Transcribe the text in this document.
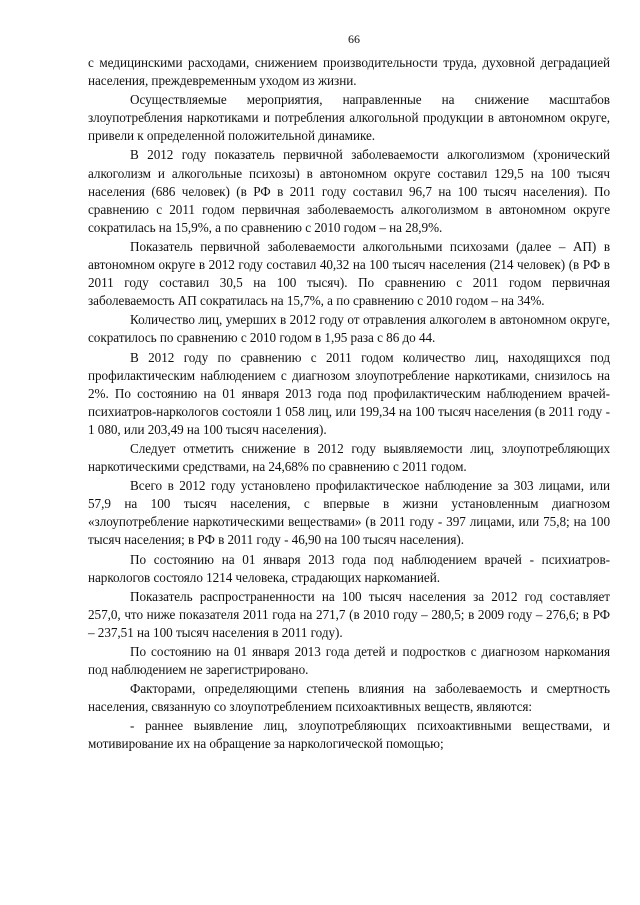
66

с медицинскими расходами, снижением производительности труда, духовной деградацией населения, преждевременным уходом из жизни.

Осуществляемые мероприятия, направленные на снижение масштабов злоупотребления наркотиками и потребления алкогольной продукции в автономном округе, привели к определенной положительной динамике.

В 2012 году показатель первичной заболеваемости алкоголизмом (хронический алкоголизм и алкогольные психозы) в автономном округе составил 129,5 на 100 тысяч населения (686 человек) (в РФ в 2011 году составил 96,7 на 100 тысяч населения). По сравнению с 2011 годом первичная заболеваемость алкоголизмом в автономном округе сократилась на 15,9%, а по сравнению с 2010 годом – на 28,9%.

Показатель первичной заболеваемости алкогольными психозами (далее – АП) в автономном округе в 2012 году составил 40,32 на 100 тысяч населения (214 человек) (в РФ в 2011 году составил 30,5 на 100 тысяч). По сравнению с 2011 годом первичная заболеваемость АП сократилась на 15,7%, а по сравнению с 2010 годом – на 34%.

Количество лиц, умерших в 2012 году от отравления алкоголем в автономном округе, сократилось по сравнению с 2010 годом в 1,95 раза с 86 до 44.

В 2012 году по сравнению с 2011 годом количество лиц, находящихся под профилактическим наблюдением с диагнозом злоупотребление наркотиками, снизилось на 2%. По состоянию на 01 января 2013 года под профилактическим наблюдением врачей-психиатров-наркологов состояли 1 058 лиц, или 199,34 на 100 тысяч населения (в 2011 году - 1 080, или 203,49 на 100 тысяч населения).

Следует отметить снижение в 2012 году выявляемости лиц, злоупотребляющих наркотическими средствами, на 24,68% по сравнению с 2011 годом.

Всего в 2012 году установлено профилактическое наблюдение за 303 лицами, или 57,9 на 100 тысяч населения, с впервые в жизни установленным диагнозом «злоупотребление наркотическими веществами» (в 2011 году - 397 лицами, или 75,8; на 100 тысяч населения; в РФ в 2011 году - 46,90 на 100 тысяч населения).

По состоянию на 01 января 2013 года под наблюдением врачей - психиатров-наркологов состояло 1214 человека, страдающих наркоманией.

Показатель распространенности на 100 тысяч населения за 2012 год составляет 257,0, что ниже показателя 2011 года на 271,7 (в 2010 году – 280,5; в 2009 году – 276,6; в РФ – 237,51 на 100 тысяч населения в 2011 году).

По состоянию на 01 января 2013 года детей и подростков с диагнозом наркомания под наблюдением не зарегистрировано.

Факторами, определяющими степень влияния на заболеваемость и смертность населения, связанную со злоупотреблением психоактивных веществ, являются:

- раннее выявление лиц, злоупотребляющих психоактивными веществами, и мотивирование их на обращение за наркологической помощью;
